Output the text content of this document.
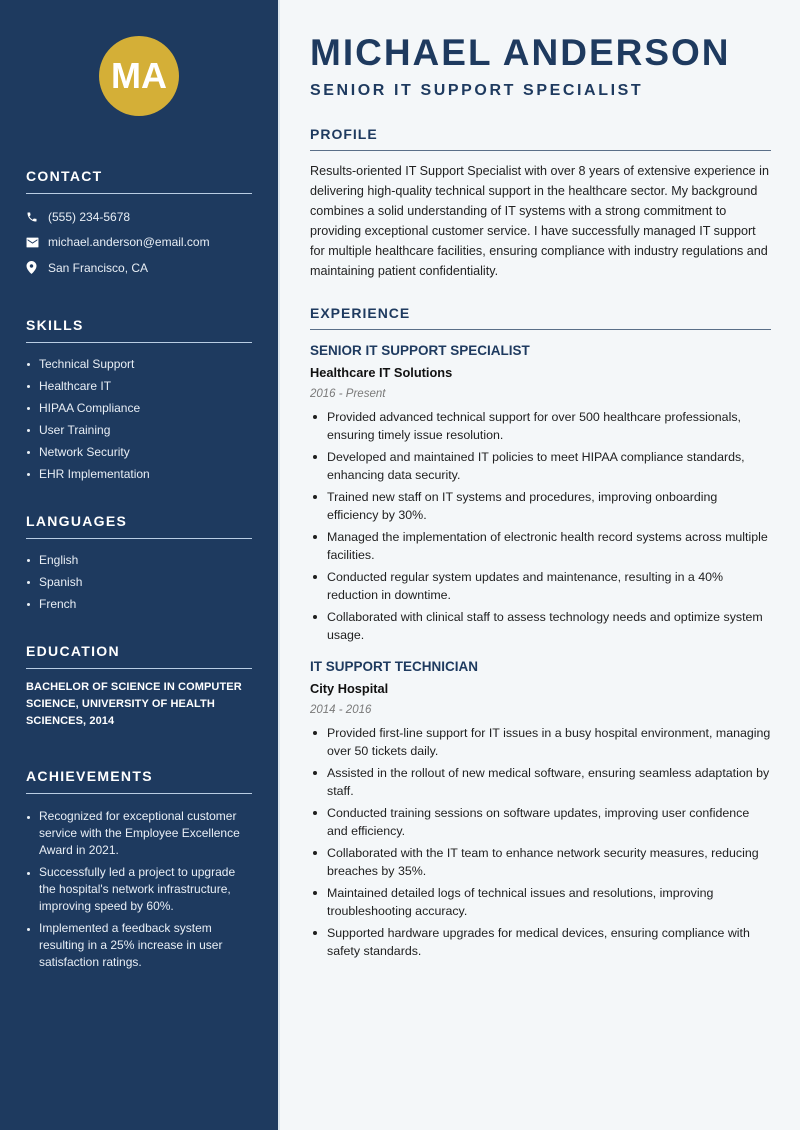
MA
CONTACT
(555) 234-5678
michael.anderson@email.com
San Francisco, CA
SKILLS
Technical Support
Healthcare IT
HIPAA Compliance
User Training
Network Security
EHR Implementation
LANGUAGES
English
Spanish
French
EDUCATION

BACHELOR OF SCIENCE IN COMPUTER SCIENCE, UNIVERSITY OF HEALTH SCIENCES, 2014

ACHIEVEMENTS
Recognized for exceptional customer service with the Employee Excellence Award in 2021.
Successfully led a project to upgrade the hospital's network infrastructure, improving speed by 60%.
Implemented a feedback system resulting in a 25% increase in user satisfaction ratings.
MICHAEL ANDERSON
SENIOR IT SUPPORT SPECIALIST
PROFILE

Results-oriented IT Support Specialist with over 8 years of extensive experience in delivering high-quality technical support in the healthcare sector. My background combines a solid understanding of IT systems with a strong commitment to providing exceptional customer service. I have successfully managed IT support for multiple healthcare facilities, ensuring compliance with industry regulations and maintaining patient confidentiality.

EXPERIENCE
SENIOR IT SUPPORT SPECIALIST
Healthcare IT Solutions
2016 - Present
Provided advanced technical support for over 500 healthcare professionals, ensuring timely issue resolution.
Developed and maintained IT policies to meet HIPAA compliance standards, enhancing data security.
Trained new staff on IT systems and procedures, improving onboarding efficiency by 30%.
Managed the implementation of electronic health record systems across multiple facilities.
Conducted regular system updates and maintenance, resulting in a 40% reduction in downtime.
Collaborated with clinical staff to assess technology needs and optimize system usage.
IT SUPPORT TECHNICIAN
City Hospital
2014 - 2016
Provided first-line support for IT issues in a busy hospital environment, managing over 50 tickets daily.
Assisted in the rollout of new medical software, ensuring seamless adaptation by staff.
Conducted training sessions on software updates, improving user confidence and efficiency.
Collaborated with the IT team to enhance network security measures, reducing breaches by 35%.
Maintained detailed logs of technical issues and resolutions, improving troubleshooting accuracy.
Supported hardware upgrades for medical devices, ensuring compliance with safety standards.
